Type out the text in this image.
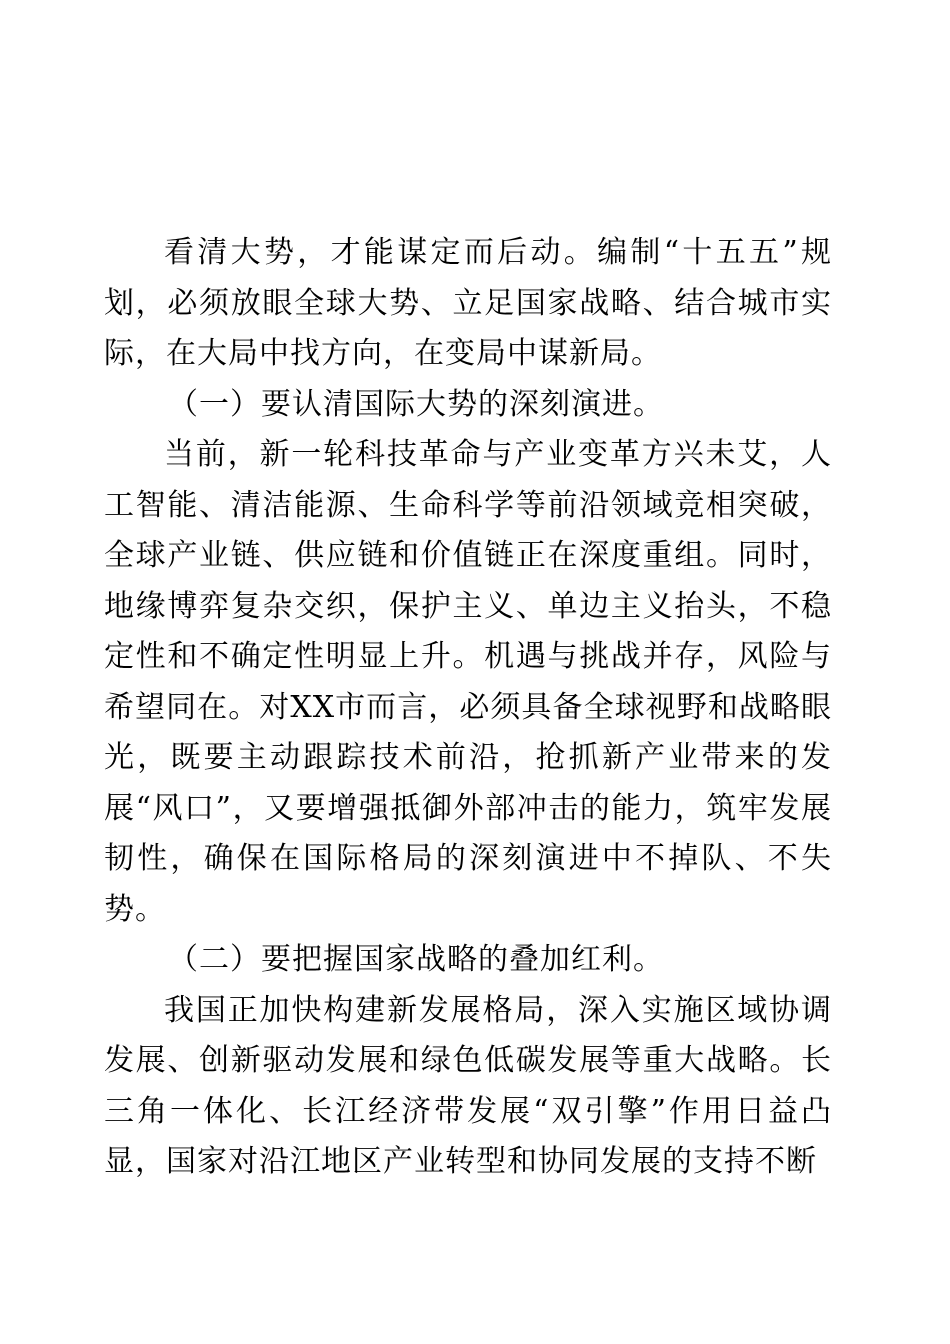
看清大势，才能谋定而后动。编制“十五五”规划，必须放眼全球大势、立足国家战略、结合城市实际，在大局中找方向，在变局中谋新局。

（一）要认清国际大势的深刻演进。

当前，新一轮科技革命与产业变革方兴未艾，人工智能、清洁能源、生命科学等前沿领域竞相突破，全球产业链、供应链和价值链正在深度重组。同时，地缘博弈复杂交织，保护主义、单边主义抬头，不稳定性和不确定性明显上升。机遇与挑战并存，风险与希望同在。对XX市而言，必须具备全球视野和战略眼光，既要主动跟踪技术前沿，抢抓新产业带来的发展“风口”，又要增强抵御外部冲击的能力，筑牢发展韧性，确保在国际格局的深刻演进中不掉队、不失势。

（二）要把握国家战略的叠加红利。

我国正加快构建新发展格局，深入实施区域协调发展、创新驱动发展和绿色低碳发展等重大战略。长三角一体化、长江经济带发展“双引擎”作用日益凸显，国家对沿江地区产业转型和协同发展的支持不断
